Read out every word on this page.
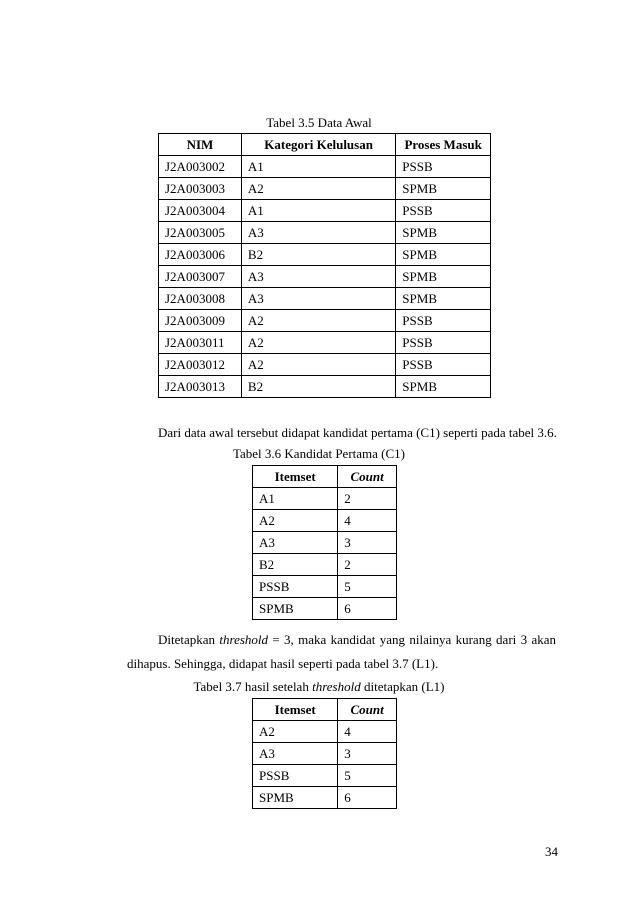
Tabel 3.5 Data Awal
NIM	Kategori Kelulusan	Proses Masuk
J2A003002	A1	PSSB
J2A003003	A2	SPMB
J2A003004	A1	PSSB
J2A003005	A3	SPMB
J2A003006	B2	SPMB
J2A003007	A3	SPMB
J2A003008	A3	SPMB
J2A003009	A2	PSSB
J2A003011	A2	PSSB
J2A003012	A2	PSSB
J2A003013	B2	SPMB
Dari data awal tersebut didapat kandidat pertama (C1) seperti pada tabel 3.6.
Tabel 3.6 Kandidat Pertama (C1)
Itemset	Count
A1	2
A2	4
A3	3
B2	2
PSSB	5
SPMB	6
Ditetapkan threshold = 3, maka kandidat yang nilainya kurang dari 3 akan
dihapus. Sehingga, didapat hasil seperti pada tabel 3.7 (L1).
Tabel 3.7 hasil setelah threshold ditetapkan (L1)
Itemset	Count
A2	4
A3	3
PSSB	5
SPMB	6
34
